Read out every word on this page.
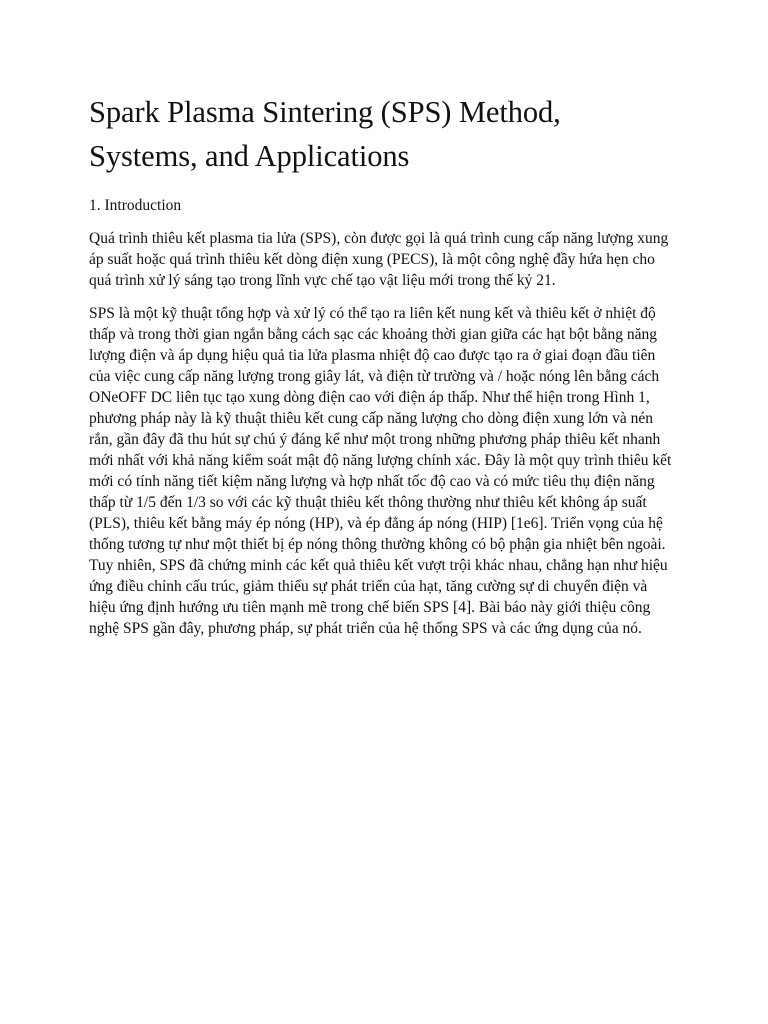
Spark Plasma Sintering (SPS) Method, Systems, and Applications
1. Introduction

Quá trình thiêu kết plasma tia lửa (SPS), còn được gọi là quá trình cung cấp năng lượng xung áp suất hoặc quá trình thiêu kết dòng điện xung (PECS), là một công nghệ đầy hứa hẹn cho quá trình xử lý sáng tạo trong lĩnh vực chế tạo vật liệu mới trong thế kỷ 21.

SPS là một kỹ thuật tổng hợp và xử lý có thể tạo ra liên kết nung kết và thiêu kết ở nhiệt độ thấp và trong thời gian ngắn bằng cách sạc các khoảng thời gian giữa các hạt bột bằng năng lượng điện và áp dụng hiệu quả tia lửa plasma nhiệt độ cao được tạo ra ở giai đoạn đầu tiên của việc cung cấp năng lượng trong giây lát, và điện từ trường và / hoặc nóng lên bằng cách ONeOFF DC liên tục tạo xung dòng điện cao với điện áp thấp. Như thể hiện trong Hình 1, phương pháp này là kỹ thuật thiêu kết cung cấp năng lượng cho dòng điện xung lớn và nén rắn, gần đây đã thu hút sự chú ý đáng kể như một trong những phương pháp thiêu kết nhanh mới nhất với khả năng kiểm soát mật độ năng lượng chính xác. Đây là một quy trình thiêu kết mới có tính năng tiết kiệm năng lượng và hợp nhất tốc độ cao và có mức tiêu thụ điện năng thấp từ 1/5 đến 1/3 so với các kỹ thuật thiêu kết thông thường như thiêu kết không áp suất (PLS), thiêu kết bằng máy ép nóng (HP), và ép đẳng áp nóng (HIP) [1e6]. Triển vọng của hệ thống tương tự như một thiết bị ép nóng thông thường không có bộ phận gia nhiệt bên ngoài. Tuy nhiên, SPS đã chứng minh các kết quả thiêu kết vượt trội khác nhau, chẳng hạn như hiệu ứng điều chỉnh cấu trúc, giảm thiểu sự phát triển của hạt, tăng cường sự di chuyển điện và hiệu ứng định hướng ưu tiên mạnh mẽ trong chế biến SPS [4]. Bài báo này giới thiệu công nghệ SPS gần đây, phương pháp, sự phát triển của hệ thống SPS và các ứng dụng của nó.
